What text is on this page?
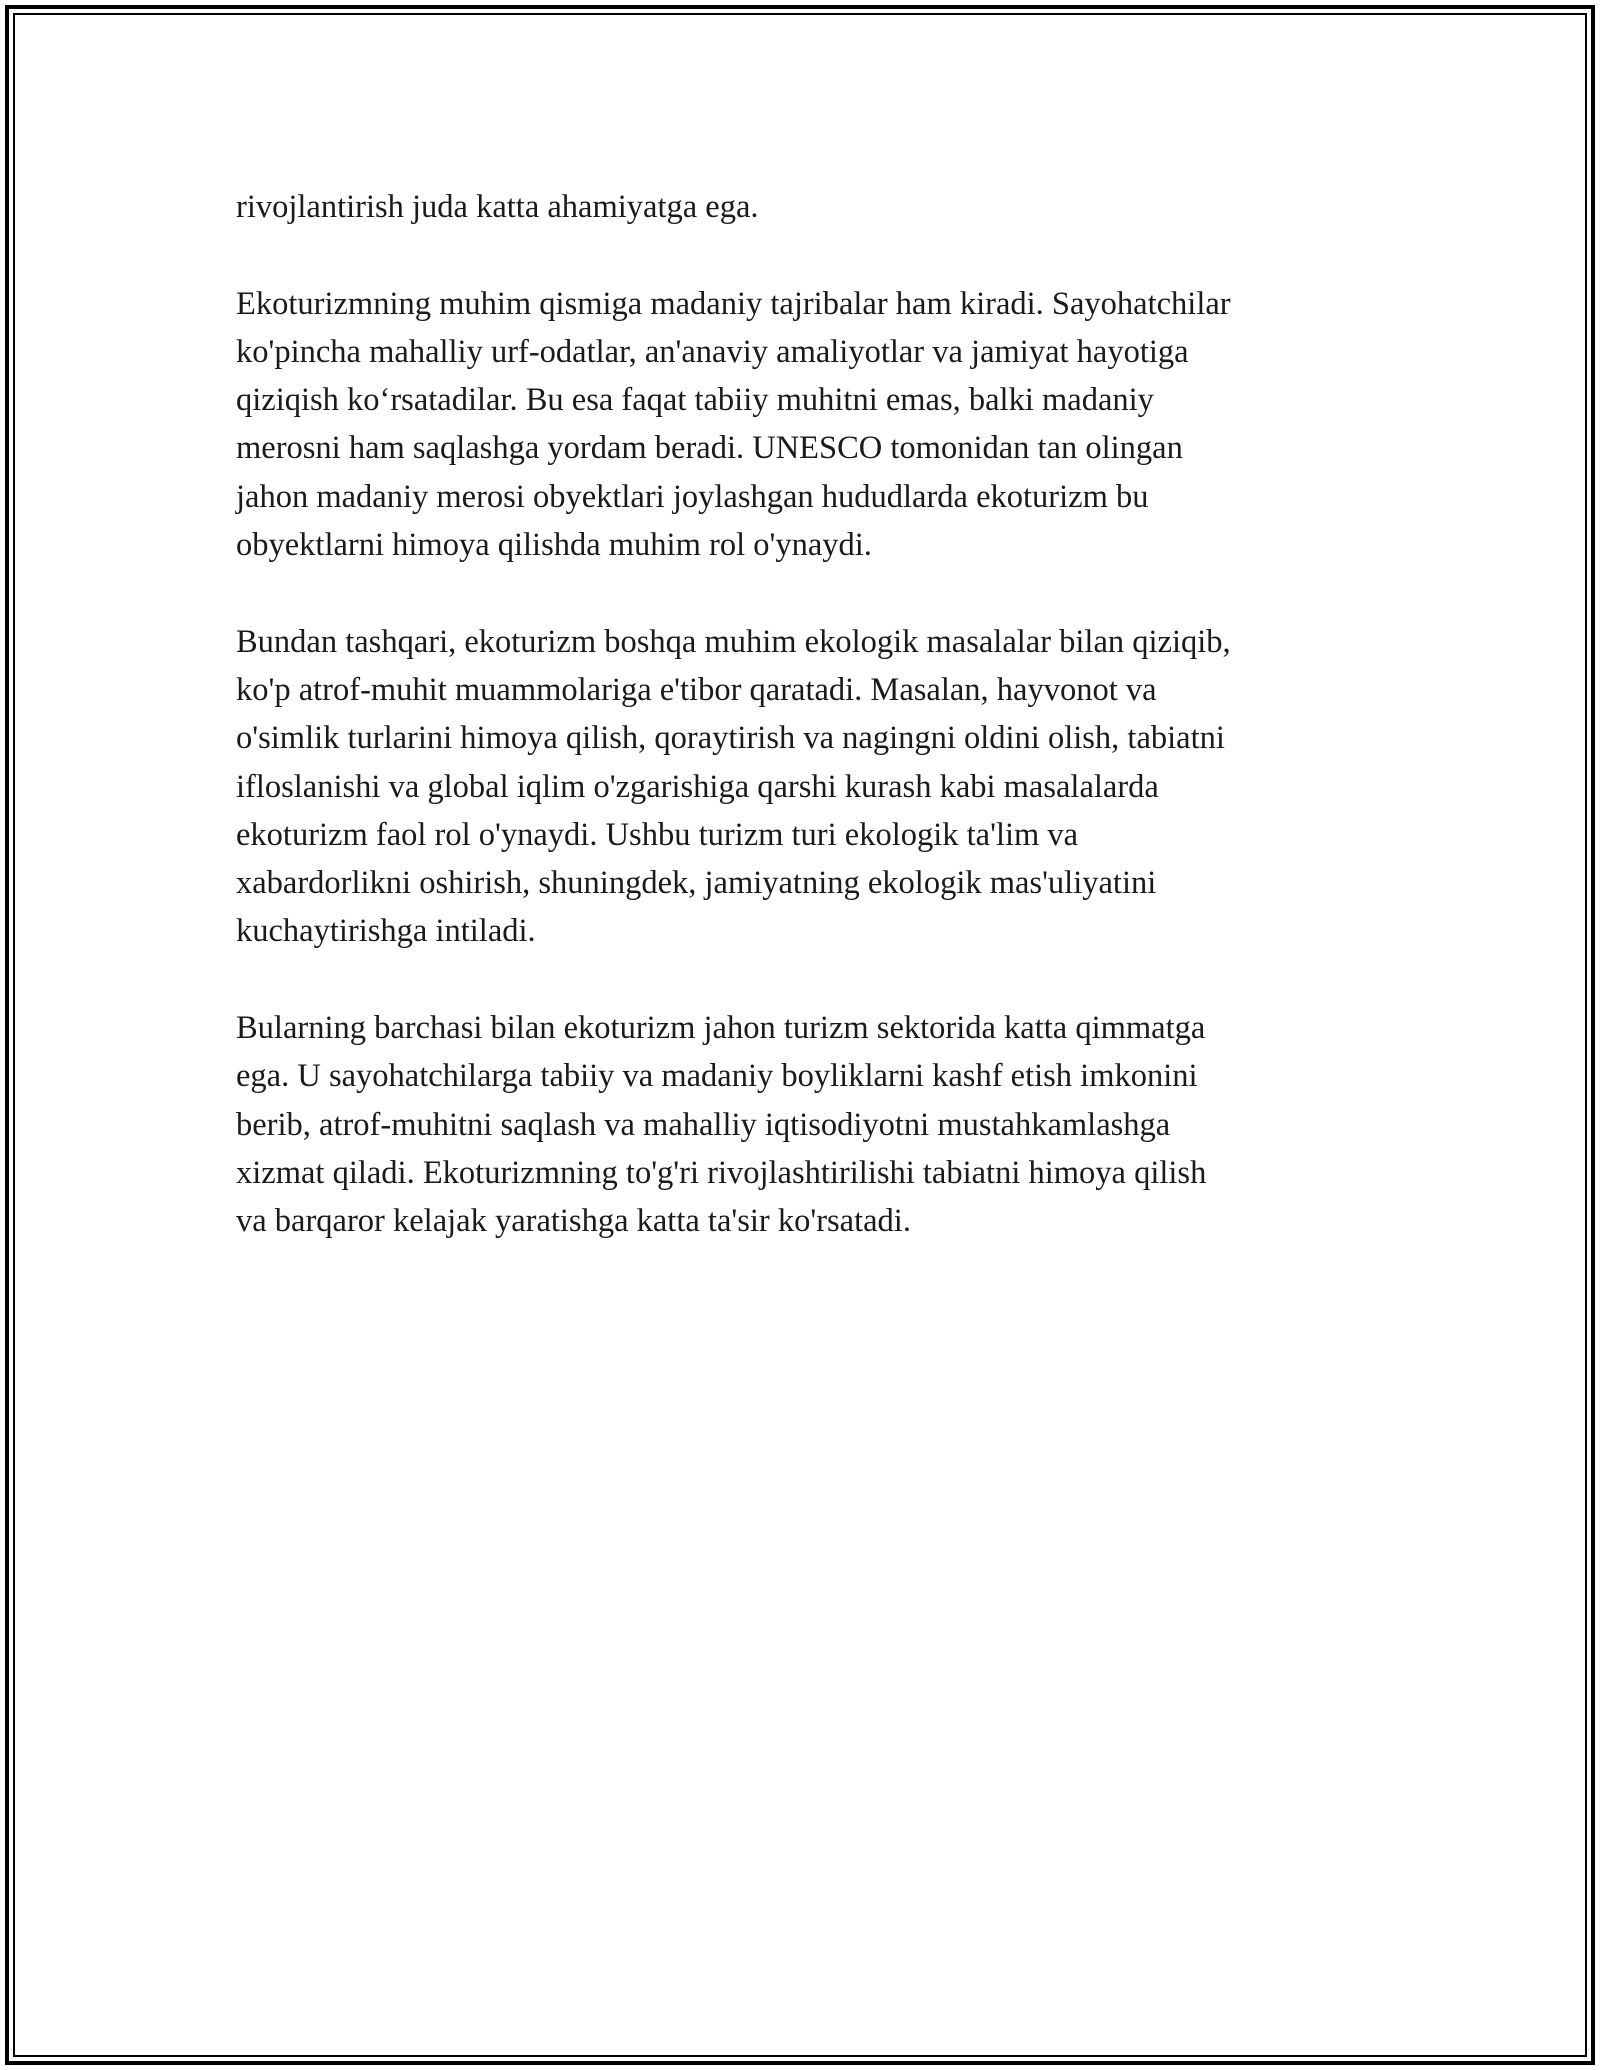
rivojlantirish juda katta ahamiyatga ega.

Ekoturizmning muhim qismiga madaniy tajribalar ham kiradi. Sayohatchilar
ko'pincha mahalliy urf-odatlar, an'anaviy amaliyotlar va jamiyat hayotiga
qiziqish ko‘rsatadilar. Bu esa faqat tabiiy muhitni emas, balki madaniy
merosni ham saqlashga yordam beradi. UNESCO tomonidan tan olingan
jahon madaniy merosi obyektlari joylashgan hududlarda ekoturizm bu
obyektlarni himoya qilishda muhim rol o'ynaydi.

Bundan tashqari, ekoturizm boshqa muhim ekologik masalalar bilan qiziqib,
ko'p atrof-muhit muammolariga e'tibor qaratadi. Masalan, hayvonot va
o'simlik turlarini himoya qilish, qoraytirish va nagingni oldini olish, tabiatni
ifloslanishi va global iqlim o'zgarishiga qarshi kurash kabi masalalarda
ekoturizm faol rol o'ynaydi. Ushbu turizm turi ekologik ta'lim va
xabardorlikni oshirish, shuningdek, jamiyatning ekologik mas'uliyatini
kuchaytirishga intiladi.

Bularning barchasi bilan ekoturizm jahon turizm sektorida katta qimmatga
ega. U sayohatchilarga tabiiy va madaniy boyliklarni kashf etish imkonini
berib, atrof-muhitni saqlash va mahalliy iqtisodiyotni mustahkamlashga
xizmat qiladi. Ekoturizmning to'g'ri rivojlashtirilishi tabiatni himoya qilish
va barqaror kelajak yaratishga katta ta'sir ko'rsatadi.
